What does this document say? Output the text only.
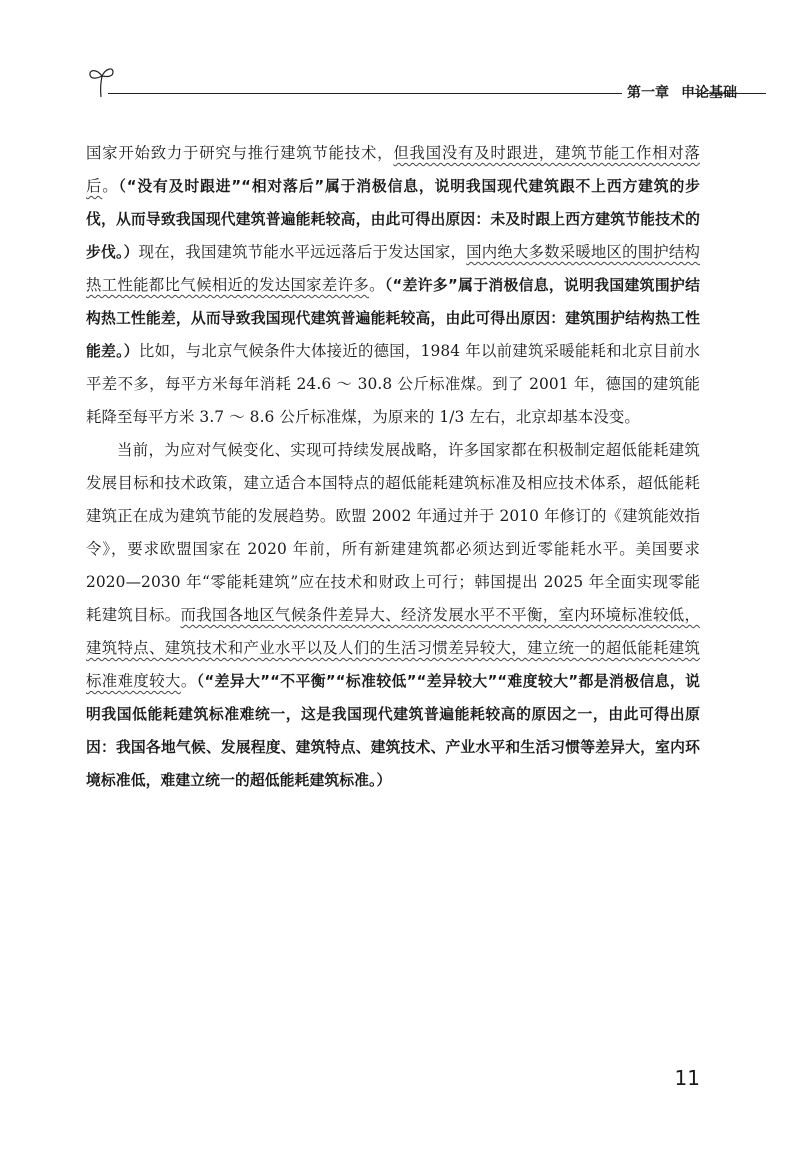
第一章 申论基础

国家开始致力于研究与推行建筑节能技术，但我国没有及时跟进，建筑节能工作相对落后。（“没有及时跟进”“相对落后”属于消极信息，说明我国现代建筑跟不上西方建筑的步伐，从而导致我国现代建筑普遍能耗较高，由此可得出原因：未及时跟上西方建筑节能技术的步伐。）现在，我国建筑节能水平远远落后于发达国家，国内绝大多数采暖地区的围护结构热工性能都比气候相近的发达国家差许多。（“差许多”属于消极信息，说明我国建筑围护结构热工性能差，从而导致我国现代建筑普遍能耗较高，由此可得出原因：建筑围护结构热工性能差。）比如，与北京气候条件大体接近的德国，1984 年以前建筑采暖能耗和北京目前水平差不多，每平方米每年消耗 24.6 ～ 30.8 公斤标准煤。到了 2001 年，德国的建筑能耗降至每平方米 3.7 ～ 8.6 公斤标准煤，为原来的 1/3 左右，北京却基本没变。

当前，为应对气候变化、实现可持续发展战略，许多国家都在积极制定超低能耗建筑发展目标和技术政策，建立适合本国特点的超低能耗建筑标准及相应技术体系，超低能耗建筑正在成为建筑节能的发展趋势。欧盟 2002 年通过并于 2010 年修订的《建筑能效指令》，要求欧盟国家在 2020 年前，所有新建建筑都必须达到近零能耗水平。美国要求 2020—2030 年“零能耗建筑”应在技术和财政上可行；韩国提出 2025 年全面实现零能耗建筑目标。而我国各地区气候条件差异大、经济发展水平不平衡，室内环境标准较低，建筑特点、建筑技术和产业水平以及人们的生活习惯差异较大，建立统一的超低能耗建筑标准难度较大。（“差异大”“不平衡”“标准较低”“差异较大”“难度较大”都是消极信息，说明我国低能耗建筑标准难统一，这是我国现代建筑普遍能耗较高的原因之一，由此可得出原因：我国各地气候、发展程度、建筑特点、建筑技术、产业水平和生活习惯等差异大，室内环境标准低，难建立统一的超低能耗建筑标准。）

11
